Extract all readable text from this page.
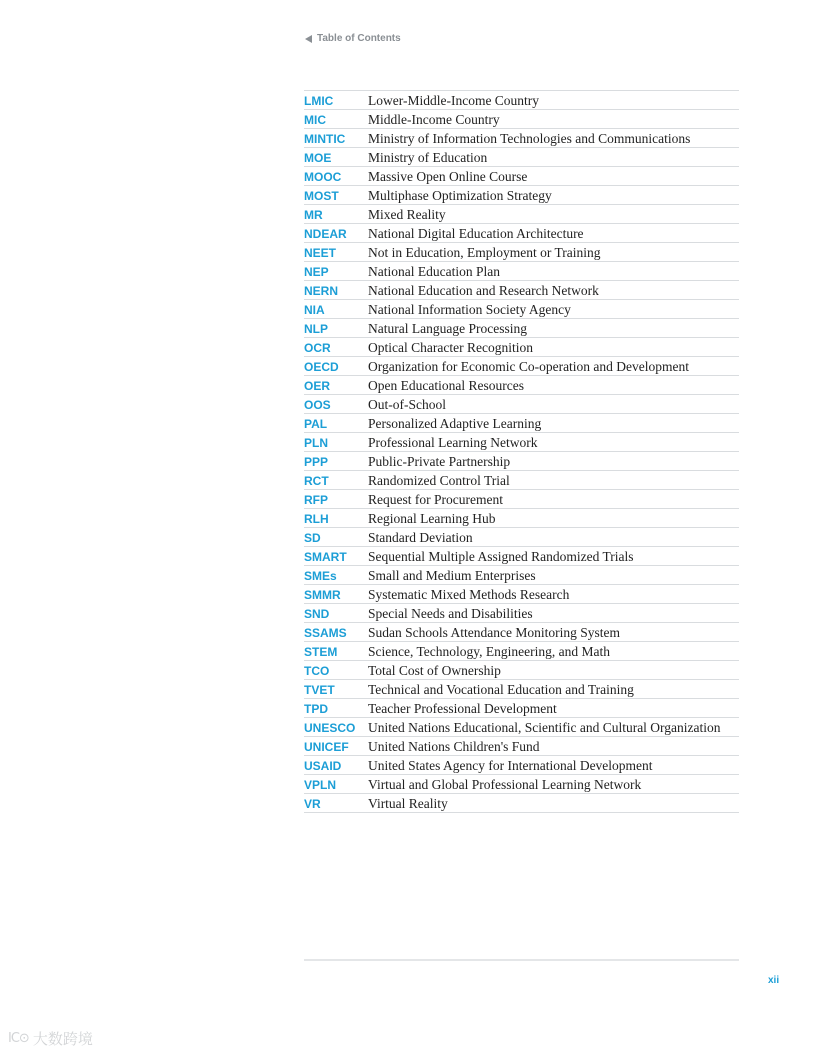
Table of Contents
LMIC	Lower-Middle-Income Country
MIC	Middle-Income Country
MINTIC	Ministry of Information Technologies and Communications
MOE	Ministry of Education
MOOC	Massive Open Online Course
MOST	Multiphase Optimization Strategy
MR	Mixed Reality
NDEAR	National Digital Education Architecture
NEET	Not in Education, Employment or Training
NEP	National Education Plan
NERN	National Education and Research Network
NIA	National Information Society Agency
NLP	Natural Language Processing
OCR	Optical Character Recognition
OECD	Organization for Economic Co-operation and Development
OER	Open Educational Resources
OOS	Out-of-School
PAL	Personalized Adaptive Learning
PLN	Professional Learning Network
PPP	Public-Private Partnership
RCT	Randomized Control Trial
RFP	Request for Procurement
RLH	Regional Learning Hub
SD	Standard Deviation
SMART	Sequential Multiple Assigned Randomized Trials
SMEs	Small and Medium Enterprises
SMMR	Systematic Mixed Methods Research
SND	Special Needs and Disabilities
SSAMS	Sudan Schools Attendance Monitoring System
STEM	Science, Technology, Engineering, and Math
TCO	Total Cost of Ownership
TVET	Technical and Vocational Education and Training
TPD	Teacher Professional Development
UNESCO United Nations Educational, Scientific and Cultural Organization
UNICEF	United Nations Children's Fund
USAID	United States Agency for International Development
VPLN	Virtual and Global Professional Learning Network
VR	Virtual Reality
xii
IC⊙ 大数跨境
